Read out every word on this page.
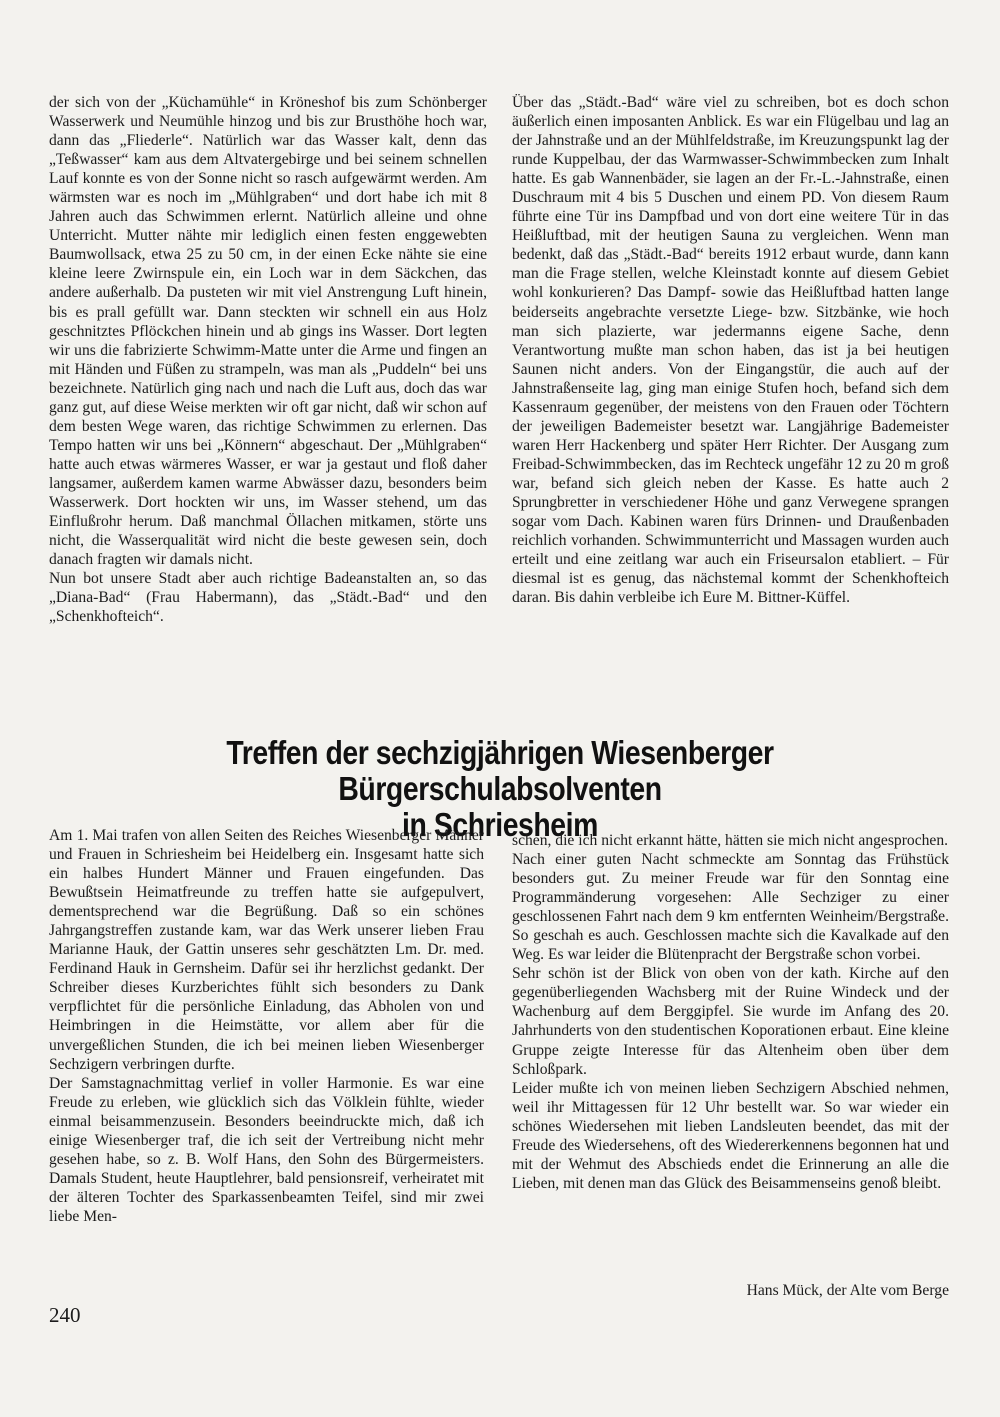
der sich von der „Küchamühle“ in Kröneshof bis zum Schönberger Wasserwerk und Neumühle hinzog und bis zur Brusthöhe hoch war, dann das „Fliederle“. Natürlich war das Wasser kalt, denn das „Teßwasser“ kam aus dem Altvatergebirge und bei seinem schnellen Lauf konnte es von der Sonne nicht so rasch aufgewärmt werden. Am wärmsten war es noch im „Mühlgraben“ und dort habe ich mit 8 Jahren auch das Schwimmen erlernt. Natürlich alleine und ohne Unterricht. Mutter nähte mir lediglich einen festen enggewebten Baumwollsack, etwa 25 zu 50 cm, in der einen Ecke nähte sie eine kleine leere Zwirnspule ein, ein Loch war in dem Säckchen, das andere außerhalb. Da pusteten wir mit viel Anstrengung Luft hinein, bis es prall gefüllt war. Dann steckten wir schnell ein aus Holz geschnitztes Pflöckchen hinein und ab gings ins Wasser. Dort legten wir uns die fabrizierte Schwimm-Matte unter die Arme und fingen an mit Händen und Füßen zu strampeln, was man als „Puddeln“ bei uns bezeichnete. Natürlich ging nach und nach die Luft aus, doch das war ganz gut, auf diese Weise merkten wir oft gar nicht, daß wir schon auf dem besten Wege waren, das richtige Schwimmen zu erlernen. Das Tempo hatten wir uns bei „Könnern“ abgeschaut. Der „Mühlgraben“ hatte auch etwas wärmeres Wasser, er war ja gestaut und floß daher langsamer, außerdem kamen warme Abwässer dazu, besonders beim Wasserwerk. Dort hockten wir uns, im Wasser stehend, um das Einflußrohr herum. Daß manchmal Öllachen mitkamen, störte uns nicht, die Wasserqualität wird nicht die beste gewesen sein, doch danach fragten wir damals nicht.

Nun bot unsere Stadt aber auch richtige Badeanstalten an, so das „Diana-Bad“ (Frau Habermann), das „Städt.-Bad“ und den „Schenkhofteich“.

Über das „Städt.-Bad“ wäre viel zu schreiben, bot es doch schon äußerlich einen imposanten Anblick. Es war ein Flügelbau und lag an der Jahnstraße und an der Mühlfeldstraße, im Kreuzungspunkt lag der runde Kuppelbau, der das Warmwasser-Schwimmbecken zum Inhalt hatte. Es gab Wannenbäder, sie lagen an der Fr.-L.-Jahnstraße, einen Duschraum mit 4 bis 5 Duschen und einem PD. Von diesem Raum führte eine Tür ins Dampfbad und von dort eine weitere Tür in das Heißluftbad, mit der heutigen Sauna zu vergleichen. Wenn man bedenkt, daß das „Städt.-Bad“ bereits 1912 erbaut wurde, dann kann man die Frage stellen, welche Kleinstadt konnte auf diesem Gebiet wohl konkurieren? Das Dampf- sowie das Heißluftbad hatten lange beiderseits angebrachte versetzte Liege- bzw. Sitzbänke, wie hoch man sich plazierte, war jedermanns eigene Sache, denn Verantwortung mußte man schon haben, das ist ja bei heutigen Saunen nicht anders. Von der Eingangstür, die auch auf der Jahnstraßenseite lag, ging man einige Stufen hoch, befand sich dem Kassenraum gegenüber, der meistens von den Frauen oder Töchtern der jeweiligen Bademeister besetzt war. Langjährige Bademeister waren Herr Hackenberg und später Herr Richter. Der Ausgang zum Freibad-Schwimmbecken, das im Rechteck ungefähr 12 zu 20 m groß war, befand sich gleich neben der Kasse. Es hatte auch 2 Sprungbretter in verschiedener Höhe und ganz Verwegene sprangen sogar vom Dach. Kabinen waren fürs Drinnen- und Draußenbaden reichlich vorhanden. Schwimmunterricht und Massagen wurden auch erteilt und eine zeitlang war auch ein Friseursalon etabliert. – Für diesmal ist es genug, das nächstemal kommt der Schenkhofteich daran. Bis dahin verbleibe ich Eure M. Bittner-Küffel.

Treffen der sechzigjährigen Wiesenberger Bürgerschulabsolventen
in Schriesheim

Am 1. Mai trafen von allen Seiten des Reiches Wiesenberger Männer und Frauen in Schriesheim bei Heidelberg ein. Insgesamt hatte sich ein halbes Hundert Männer und Frauen eingefunden. Das Bewußtsein Heimatfreunde zu treffen hatte sie aufgepulvert, dementsprechend war die Begrüßung. Daß so ein schönes Jahrgangstreffen zustande kam, war das Werk unserer lieben Frau Marianne Hauk, der Gattin unseres sehr geschätzten Lm. Dr. med. Ferdinand Hauk in Gernsheim. Dafür sei ihr herzlichst gedankt. Der Schreiber dieses Kurzberichtes fühlt sich besonders zu Dank verpflichtet für die persönliche Einladung, das Abholen von und Heimbringen in die Heimstätte, vor allem aber für die unvergeßlichen Stunden, die ich bei meinen lieben Wiesenberger Sechzigern verbringen durfte.

Der Samstagnachmittag verlief in voller Harmonie. Es war eine Freude zu erleben, wie glücklich sich das Völklein fühlte, wieder einmal beisammenzusein. Besonders beeindruckte mich, daß ich einige Wiesenberger traf, die ich seit der Vertreibung nicht mehr gesehen habe, so z. B. Wolf Hans, den Sohn des Bürgermeisters. Damals Student, heute Hauptlehrer, bald pensionsreif, verheiratet mit der älteren Tochter des Sparkassenbeamten Teifel, sind mir zwei liebe Men-

schen, die ich nicht erkannt hätte, hätten sie mich nicht angesprochen.

Nach einer guten Nacht schmeckte am Sonntag das Frühstück besonders gut. Zu meiner Freude war für den Sonntag eine Programmänderung vorgesehen: Alle Sechziger zu einer geschlossenen Fahrt nach dem 9 km entfernten Weinheim/Bergstraße. So geschah es auch. Geschlossen machte sich die Kavalkade auf den Weg. Es war leider die Blütenpracht der Bergstraße schon vorbei.

Sehr schön ist der Blick von oben von der kath. Kirche auf den gegenüberliegenden Wachsberg mit der Ruine Windeck und der Wachenburg auf dem Berggipfel. Sie wurde im Anfang des 20. Jahrhunderts von den studentischen Koporationen erbaut. Eine kleine Gruppe zeigte Interesse für das Altenheim oben über dem Schloßpark.

Leider mußte ich von meinen lieben Sechzigern Abschied nehmen, weil ihr Mittagessen für 12 Uhr bestellt war. So war wieder ein schönes Wiedersehen mit lieben Landsleuten beendet, das mit der Freude des Wiedersehens, oft des Wiedererkennens begonnen hat und mit der Wehmut des Abschieds endet die Erinnerung an alle die Lieben, mit denen man das Glück des Beisammenseins genoß bleibt.

Hans Mück, der Alte vom Berge
240
